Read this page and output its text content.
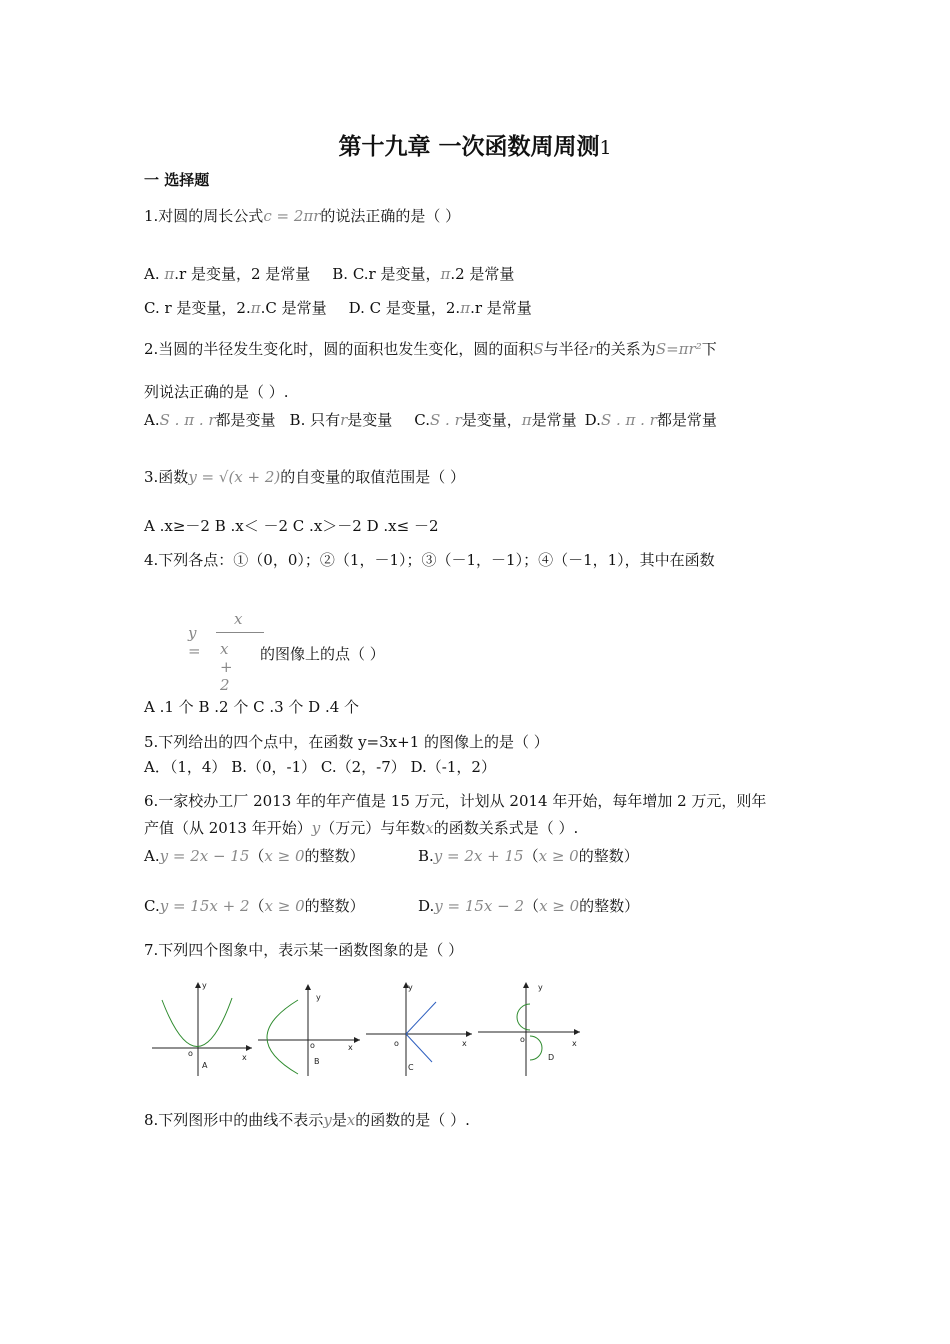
第十九章 一次函数周周测1
一 选择题
1.对圆的周长公式c = 2πr的说法正确的是（ ）
A. π.r 是变量，2 是常量 B. C.r 是变量，π.2 是常量
C. r 是变量，2.π.C 是常量 D. C 是变量，2.π.r 是常量
2.当圆的半径发生变化时，圆的面积也发生变化，圆的面积S与半径r的关系为S=πr²下
列说法正确的是（ ）.
A.S . π . r都是变量 B. 只有r是变量 C.S . r是变量，π是常量 D.S . π . r都是常量
3.函数y = √(x + 2)的自变量的取值范围是（ ）
A .x≥－2 B .x＜ －2 C .x＞－2 D .x≤ －2
4.下列各点：①（0，0）；②（1，－1）；③（－1，－1）；④（－1，1），其中在函数
y =
x
x + 2
的图像上的点（ ）
A .1 个 B .2 个 C .3 个 D .4 个
5.下列给出的四个点中，在函数 y=3x+1 的图像上的是（ ）
A．（1，4） B.（0，-1） C.（2，-7） D.（-1，2）
6.一家校办工厂 2013 年的年产值是 15 万元，计划从 2014 年开始，每年增加 2 万元，则年
产值（从 2013 年开始）y（万元）与年数x的函数关系式是（ ）.
A.y = 2x − 15（x ≥ 0的整数）	B.y = 2x + 15（x ≥ 0的整数）
C.y = 15x + 2（x ≥ 0的整数）	D.y = 15x − 2（x ≥ 0的整数）
7.下列四个图象中，表示某一函数图象的是（ ）
y
x
o
A
y
x
o
B
y
x
o
C
y
x
o
D
8.下列图形中的曲线不表示y是x的函数的是（ ）.
